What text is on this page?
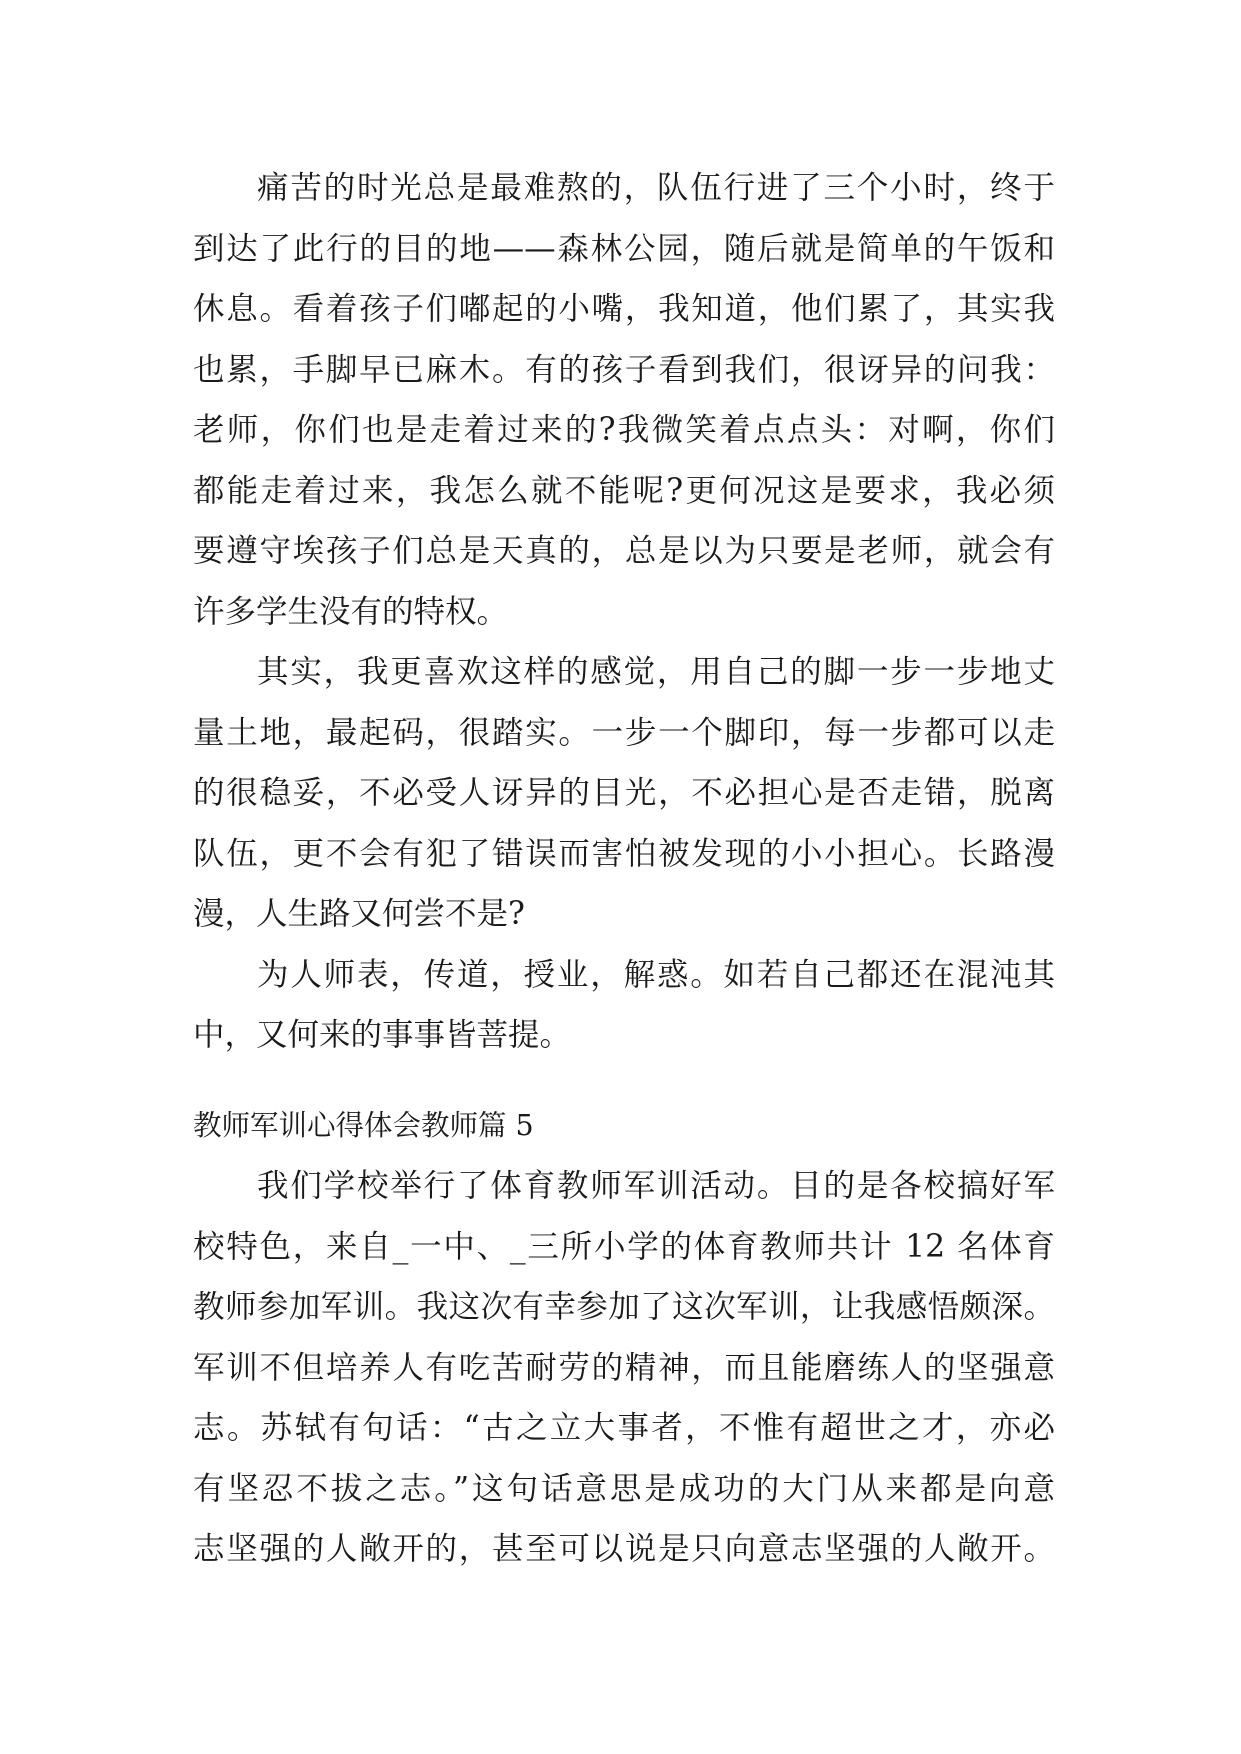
痛苦的时光总是最难熬的，队伍行进了三个小时，终于
到达了此行的目的地——森林公园，随后就是简单的午饭和
休息。看着孩子们嘟起的小嘴，我知道，他们累了，其实我
也累，手脚早已麻木。有的孩子看到我们，很讶异的问我：
老师，你们也是走着过来的?我微笑着点点头：对啊，你们
都能走着过来，我怎么就不能呢?更何况这是要求，我必须
要遵守埃孩子们总是天真的，总是以为只要是老师，就会有
许多学生没有的特权。
其实，我更喜欢这样的感觉，用自己的脚一步一步地丈
量土地，最起码，很踏实。一步一个脚印，每一步都可以走
的很稳妥，不必受人讶异的目光，不必担心是否走错，脱离
队伍，更不会有犯了错误而害怕被发现的小小担心。长路漫
漫，人生路又何尝不是?
为人师表，传道，授业，解惑。如若自己都还在混沌其
中，又何来的事事皆菩提。
教师军训心得体会教师篇 5
我们学校举行了体育教师军训活动。目的是各校搞好军
校特色，来自_一中、_三所小学的体育教师共计 12 名体育
教师参加军训。我这次有幸参加了这次军训，让我感悟颇深。
军训不但培养人有吃苦耐劳的精神，而且能磨练人的坚强意
志。苏轼有句话：“古之立大事者，不惟有超世之才，亦必
有坚忍不拔之志。”这句话意思是成功的大门从来都是向意
志坚强的人敞开的，甚至可以说是只向意志坚强的人敞开。
